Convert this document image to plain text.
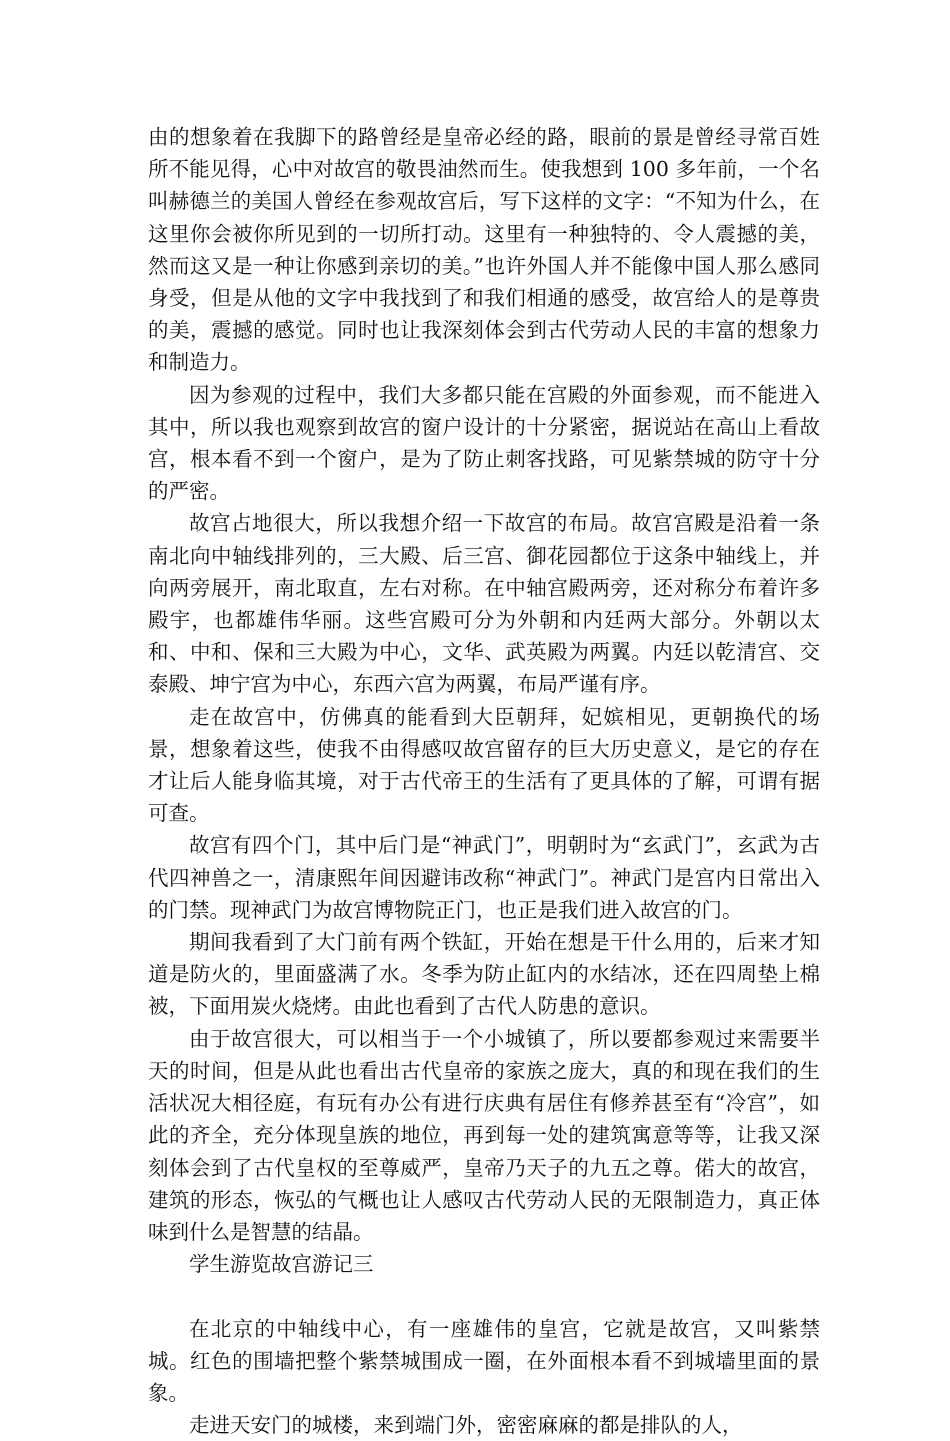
由的想象着在我脚下的路曾经是皇帝必经的路，眼前的景是曾经寻常百姓所不能见得，心中对故宫的敬畏油然而生。使我想到 100 多年前，一个名叫赫德兰的美国人曾经在参观故宫后，写下这样的文字：“不知为什么，在这里你会被你所见到的一切所打动。这里有一种独特的、令人震撼的美，然而这又是一种让你感到亲切的美。”也许外国人并不能像中国人那么感同身受，但是从他的文字中我找到了和我们相通的感受，故宫给人的是尊贵的美，震撼的感觉。同时也让我深刻体会到古代劳动人民的丰富的想象力和制造力。

因为参观的过程中，我们大多都只能在宫殿的外面参观，而不能进入其中，所以我也观察到故宫的窗户设计的十分紧密，据说站在高山上看故宫，根本看不到一个窗户，是为了防止刺客找路，可见紫禁城的防守十分的严密。

故宫占地很大，所以我想介绍一下故宫的布局。故宫宫殿是沿着一条南北向中轴线排列的，三大殿、后三宫、御花园都位于这条中轴线上，并向两旁展开，南北取直，左右对称。在中轴宫殿两旁，还对称分布着许多殿宇，也都雄伟华丽。这些宫殿可分为外朝和内廷两大部分。外朝以太和、中和、保和三大殿为中心，文华、武英殿为两翼。内廷以乾清宫、交泰殿、坤宁宫为中心，东西六宫为两翼，布局严谨有序。

走在故宫中，仿佛真的能看到大臣朝拜，妃嫔相见，更朝换代的场景，想象着这些，使我不由得感叹故宫留存的巨大历史意义，是它的存在才让后人能身临其境，对于古代帝王的生活有了更具体的了解，可谓有据可查。

故宫有四个门，其中后门是“神武门”，明朝时为“玄武门”，玄武为古代四神兽之一，清康熙年间因避讳改称“神武门”。神武门是宫内日常出入的门禁。现神武门为故宫博物院正门，也正是我们进入故宫的门。

期间我看到了大门前有两个铁缸，开始在想是干什么用的，后来才知道是防火的，里面盛满了水。冬季为防止缸内的水结冰，还在四周垫上棉被，下面用炭火烧烤。由此也看到了古代人防患的意识。

由于故宫很大，可以相当于一个小城镇了，所以要都参观过来需要半天的时间，但是从此也看出古代皇帝的家族之庞大，真的和现在我们的生活状况大相径庭，有玩有办公有进行庆典有居住有修养甚至有“冷宫”，如此的齐全，充分体现皇族的地位，再到每一处的建筑寓意等等，让我又深刻体会到了古代皇权的至尊威严，皇帝乃天子的九五之尊。偌大的故宫，建筑的形态，恢弘的气概也让人感叹古代劳动人民的无限制造力，真正体味到什么是智慧的结晶。

学生游览故宫游记三

在北京的中轴线中心，有一座雄伟的皇宫，它就是故宫，又叫紫禁城。红色的围墙把整个紫禁城围成一圈，在外面根本看不到城墙里面的景象。

走进天安门的城楼，来到端门外，密密麻麻的都是排队的人，
